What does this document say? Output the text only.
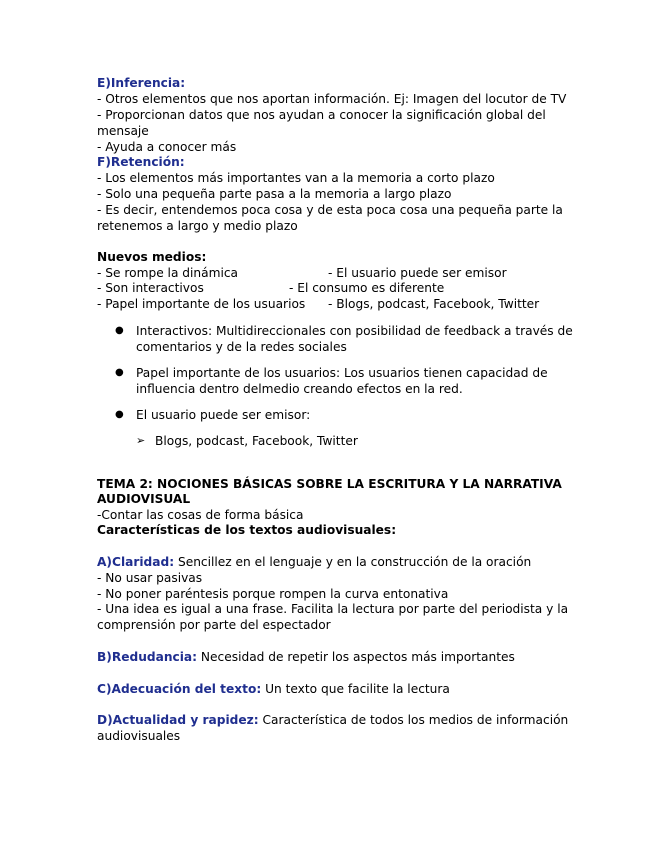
E)Inferencia:
- Otros elementos que nos aportan información. Ej: Imagen del locutor de TV
- Proporcionan datos que nos ayudan a conocer la significación global del
mensaje
- Ayuda a conocer más
F)Retención:
- Los elementos más importantes van a la memoria a corto plazo
- Solo una pequeña parte pasa a la memoria a largo plazo
- Es decir, entendemos poca cosa y de esta poca cosa una pequeña parte la
retenemos a largo y medio plazo
Nuevos medios:
- Se rompe la dinámica	- El usuario puede ser emisor
- Son interactivos	- El consumo es diferente
- Papel importante de los usuarios - Blogs, podcast, Facebook, Twitter
● Interactivos: Multidireccionales con posibilidad de feedback a través de
comentarios y de la redes sociales
● Papel importante de los usuarios: Los usuarios tienen capacidad de
influencia dentro delmedio creando efectos en la red.
● El usuario puede ser emisor:
➢ Blogs, podcast, Facebook, Twitter
TEMA 2: NOCIONES BÁSICAS SOBRE LA ESCRITURA Y LA NARRATIVA
AUDIOVISUAL
-Contar las cosas de forma básica
Características de los textos audiovisuales:
A)Claridad: Sencillez en el lenguaje y en la construcción de la oración
- No usar pasivas
- No poner paréntesis porque rompen la curva entonativa
- Una idea es igual a una frase. Facilita la lectura por parte del periodista y la
comprensión por parte del espectador
B)Redudancia: Necesidad de repetir los aspectos más importantes
C)Adecuación del texto: Un texto que facilite la lectura
D)Actualidad y rapidez: Característica de todos los medios de información
audiovisuales
